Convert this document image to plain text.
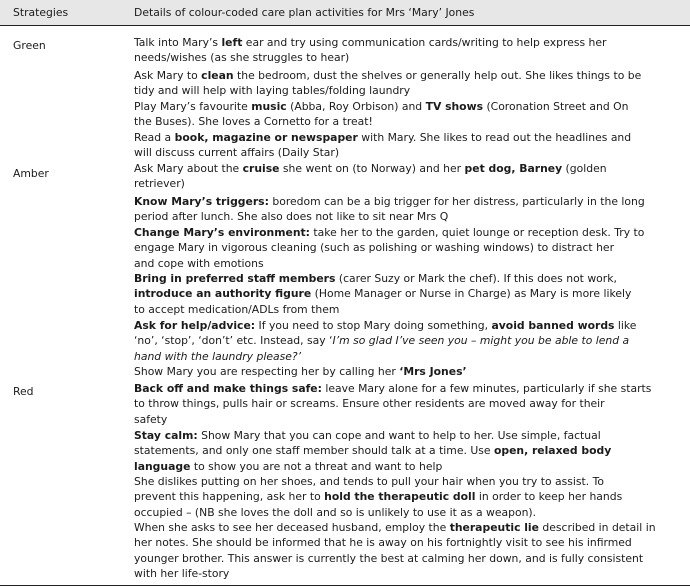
Strategies	Details of colour-coded care plan activities for Mrs ‘Mary’ Jones
Green
Amber
Red
Talk into Mary’s left ear and try using communication cards/writing to help express her
needs/wishes (as she struggles to hear)
Ask Mary to clean the bedroom, dust the shelves or generally help out. She likes things to be
tidy and will help with laying tables/folding laundry
Play Mary’s favourite music (Abba, Roy Orbison) and TV shows (Coronation Street and On
the Buses). She loves a Cornetto for a treat!
Read a book, magazine or newspaper with Mary. She likes to read out the headlines and
will discuss current affairs (Daily Star)
Ask Mary about the cruise she went on (to Norway) and her pet dog, Barney (golden
retriever)
Know Mary’s triggers: boredom can be a big trigger for her distress, particularly in the long
period after lunch. She also does not like to sit near Mrs Q
Change Mary’s environment: take her to the garden, quiet lounge or reception desk. Try to
engage Mary in vigorous cleaning (such as polishing or washing windows) to distract her
and cope with emotions
Bring in preferred staff members (carer Suzy or Mark the chef). If this does not work,
introduce an authority figure (Home Manager or Nurse in Charge) as Mary is more likely
to accept medication/ADLs from them
Ask for help/advice: If you need to stop Mary doing something, avoid banned words like
‘no’, ‘stop’, ‘don’t’ etc. Instead, say ‘I’m so glad I’ve seen you – might you be able to lend a
hand with the laundry please?’
Show Mary you are respecting her by calling her ‘Mrs Jones’
Back off and make things safe: leave Mary alone for a few minutes, particularly if she starts
to throw things, pulls hair or screams. Ensure other residents are moved away for their
safety
Stay calm: Show Mary that you can cope and want to help to her. Use simple, factual
statements, and only one staff member should talk at a time. Use open, relaxed body
language to show you are not a threat and want to help
She dislikes putting on her shoes, and tends to pull your hair when you try to assist. To
prevent this happening, ask her to hold the therapeutic doll in order to keep her hands
occupied – (NB she loves the doll and so is unlikely to use it as a weapon).
When she asks to see her deceased husband, employ the therapeutic lie described in detail in
her notes. She should be informed that he is away on his fortnightly visit to see his infirmed
younger brother. This answer is currently the best at calming her down, and is fully consistent
with her life-story
